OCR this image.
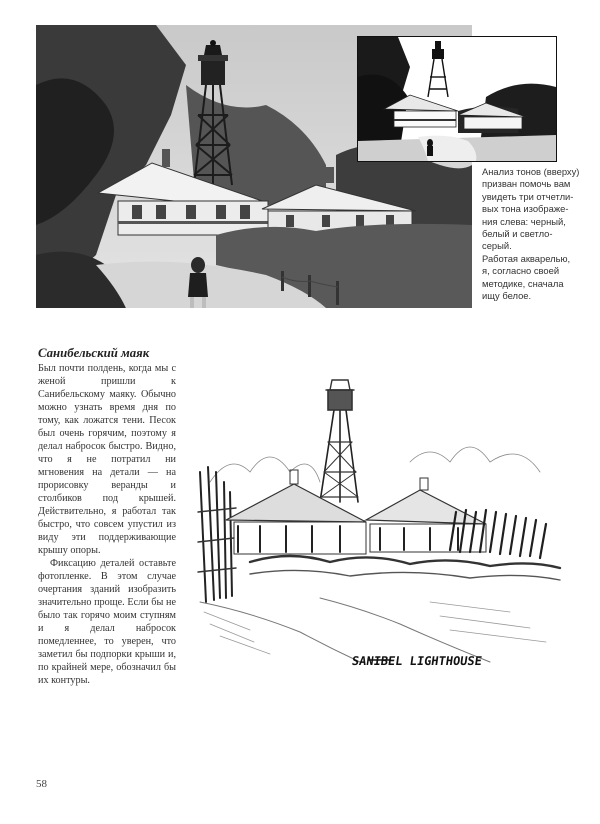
Анализ тонов (вверху)
призван помочь вам
увидеть три отчетли-
вых тона изображе-
ния слева: черный,
белый и светло-серый.
Работая акварелью,
я, согласно своей
методике, сначала
ищу белое.
Санибельский маяк

Был почти полдень, когда мы с женой пришли к Санибельскому маяку. Обычно можно узнать время дня по тому, как ложатся тени. Песок был очень горячим, поэтому я делал набросок быстро. Видно, что я не потратил ни мгновения на детали — на прорисовку веранды и столбиков под крышей. Действительно, я работал так быстро, что совсем упустил из виду эти поддерживающие крышу опоры.

Фиксацию деталей оставьте фотопленке. В этом случае очертания зданий изобразить значительно проще. Если бы не было так горячо моим ступням и я делал набросок помедленнее, то уверен, что заметил бы подпорки крыши и, по крайней мере, обозначил бы их контуры.

SANIBEL LIGHTHOUSE
58
